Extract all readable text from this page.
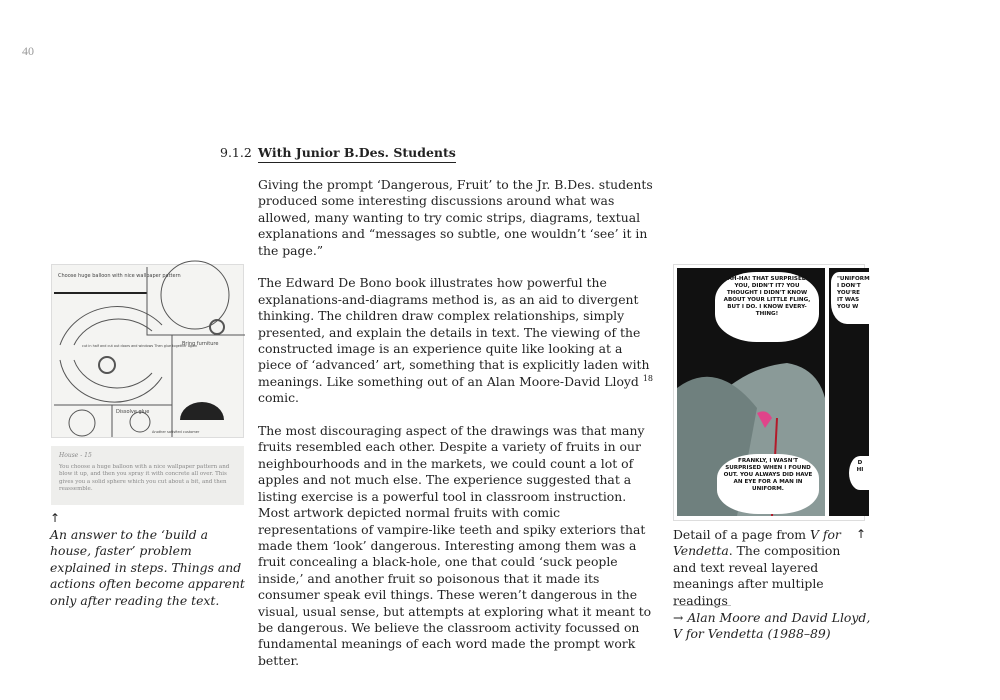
40
9.1.2 With Junior B.Des. Students

Giving the prompt ‘Dangerous, Fruit’ to the Jr. B.Des. students produced some interesting discussions around what was allowed, many wanting to try comic strips, diagrams, textual explanations and “messages so subtle, one wouldn’t ‘see’ it in the page.”

The Edward De Bono book illustrates how powerful the explanations-and-diagrams method is, as an aid to divergent thinking. The children draw complex relationships, simply presented, and explain the details in text. The viewing of the constructed image is an experience quite like looking at a piece of ‘advanced’ art, something that is explicitly laden with meanings. Like something out of an Alan Moore-David Lloyd $^{18}$ comic.

The most discouraging aspect of the drawings was that many fruits resembled each other. Despite a variety of fruits in our neighbourhoods and in the markets, we could count a lot of apples and not much else. The experience suggested that a listing exercise is a powerful tool in classroom instruction. Most artwork depicted normal fruits with comic representations of vampire-like teeth and spiky exteriors that made them ‘look’ dangerous. Interesting among them was a fruit concealing a black-hole, one that could ‘suck people inside,’ and another fruit so poisonous that it made its consumer speak evil things. These weren’t dangerous in the visual, usual sense, but attempts at exploring what it meant to be dangerous. We believe the classroom activity focussed on fundamental meanings of each word made the prompt work better.

Choose huge balloon with nice wallpaper pattern
cut in half and cut out doors and windows Then glue together again
Bring furniture
Dissolve glue
Another satisfied customer
House - 15
You choose a huge balloon with a nice wallpaper pattern and blow it up, and then you spray it with concrete all over. This gives you a solid sphere which you cut about a bit, and then reassemble.
↑
An answer to the ‘build a house, faster’ problem explained in steps. Things and actions often become apparent only after reading the text.
AH-HA! THAT SURPRISED YOU, DIDN'T IT? YOU THOUGHT I DIDN'T KNOW ABOUT YOUR LITTLE FLING, BUT I DO. I KNOW EVERY-THING!
FRANKLY, I WASN'T SURPRISED WHEN I FOUND OUT. YOU ALWAYS DID HAVE AN EYE FOR A MAN IN UNIFORM.
"UNIFORM I DON'T YOU'RE IT WAS YOU W
D HI
Detail of a page from V for Vendetta. The composition and text reveal layered meanings after multiple readings
↑
→ Alan Moore and David Lloyd, V for Vendetta (1988–89)
